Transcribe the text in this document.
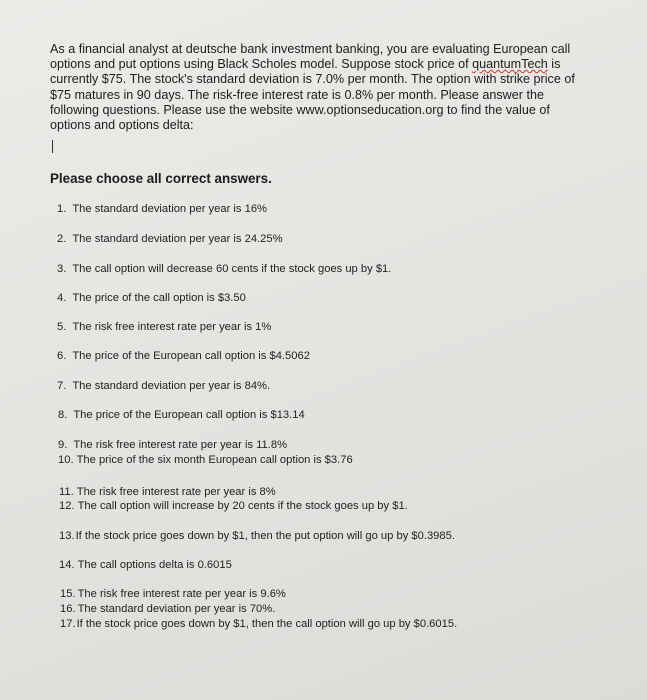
As a financial analyst at deutsche bank investment banking, you are evaluating European call
options and put options using Black Scholes model. Suppose stock price of quantumTech is
currently $75. The stock's standard deviation is 7.0% per month. The option with strike price of
$75 matures in 90 days. The risk-free interest rate is 0.8% per month. Please answer the
following questions. Please use the website www.optionseducation.org to find the value of
options and options delta:
Please choose all correct answers.
1. The standard deviation per year is 16%
2. The standard deviation per year is 24.25%
3. The call option will decrease 60 cents if the stock goes up by $1.
4. The price of the call option is $3.50
5. The risk free interest rate per year is 1%
6. The price of the European call option is $4.5062
7. The standard deviation per year is 84%.
8. The price of the European call option is $13.14
9. The risk free interest rate per year is 11.8%
10. The price of the six month European call option is $3.76
11. The risk free interest rate per year is 8%
12. The call option will increase by 20 cents if the stock goes up by $1.
13.If the stock price goes down by $1, then the put option will go up by $0.3985.
14. The call options delta is 0.6015
15. The risk free interest rate per year is 9.6%
16. The standard deviation per year is 70%.
17.If the stock price goes down by $1, then the call option will go up by $0.6015.
